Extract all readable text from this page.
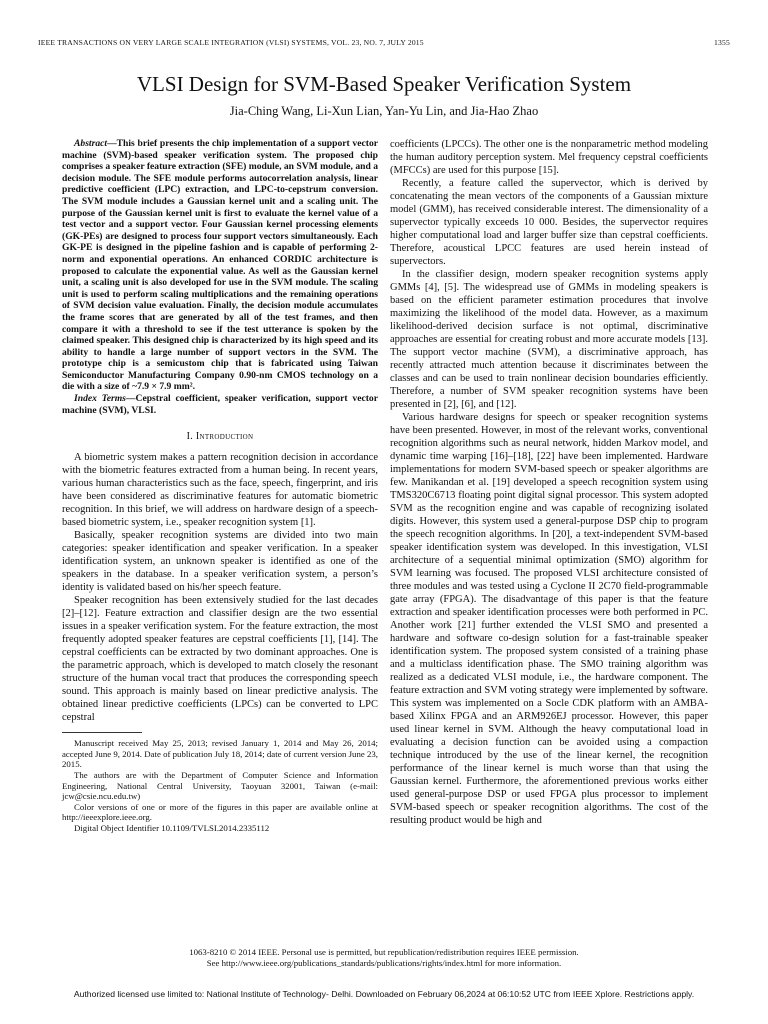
IEEE TRANSACTIONS ON VERY LARGE SCALE INTEGRATION (VLSI) SYSTEMS, VOL. 23, NO. 7, JULY 2015	1355
VLSI Design for SVM-Based Speaker Verification System
Jia-Ching Wang, Li-Xun Lian, Yan-Yu Lin, and Jia-Hao Zhao

Abstract—This brief presents the chip implementation of a support vector machine (SVM)-based speaker verification system. The proposed chip comprises a speaker feature extraction (SFE) module, an SVM module, and a decision module. The SFE module performs autocorrelation analysis, linear predictive coefficient (LPC) extraction, and LPC-to-cepstrum conversion. The SVM module includes a Gaussian kernel unit and a scaling unit. The purpose of the Gaussian kernel unit is first to evaluate the kernel value of a test vector and a support vector. Four Gaussian kernel processing elements (GK-PEs) are designed to process four support vectors simultaneously. Each GK-PE is designed in the pipeline fashion and is capable of performing 2-norm and exponential operations. An enhanced CORDIC architecture is proposed to calculate the exponential value. As well as the Gaussian kernel unit, a scaling unit is also developed for use in the SVM module. The scaling unit is used to perform scaling multiplications and the remaining operations of SVM decision value evaluation. Finally, the decision module accumulates the frame scores that are generated by all of the test frames, and then compare it with a threshold to see if the test utterance is spoken by the claimed speaker. This designed chip is characterized by its high speed and its ability to handle a large number of support vectors in the SVM. The prototype chip is a semicustom chip that is fabricated using Taiwan Semiconductor Manufacturing Company 0.90-nm CMOS technology on a die with a size of ~7.9 × 7.9 mm².

Index Terms—Cepstral coefficient, speaker verification, support vector machine (SVM), VLSI.

I. Introduction

A biometric system makes a pattern recognition decision in accordance with the biometric features extracted from a human being. In recent years, various human characteristics such as the face, speech, fingerprint, and iris have been considered as discriminative features for automatic biometric recognition. In this brief, we will address on hardware design of a speech-based biometric system, i.e., speaker recognition system [1].

Basically, speaker recognition systems are divided into two main categories: speaker identification and speaker verification. In a speaker identification system, an unknown speaker is identified as one of the speakers in the database. In a speaker verification system, a person’s identity is validated based on his/her speech feature.

Speaker recognition has been extensively studied for the last decades [2]–[12]. Feature extraction and classifier design are the two essential issues in a speaker verification system. For the feature extraction, the most frequently adopted speaker features are cepstral coefficients [1], [14]. The cepstral coefficients can be extracted by two dominant approaches. One is the parametric approach, which is developed to match closely the resonant structure of the human vocal tract that produces the corresponding speech sound. This approach is mainly based on linear predictive analysis. The obtained linear predictive coefficients (LPCs) can be converted to LPC cepstral

Manuscript received May 25, 2013; revised January 1, 2014 and May 26, 2014; accepted June 9, 2014. Date of publication July 18, 2014; date of current version June 23, 2015.

The authors are with the Department of Computer Science and Information Engineering, National Central University, Taoyuan 32001, Taiwan (e-mail: jcw@csie.ncu.edu.tw)

Color versions of one or more of the figures in this paper are available online at http://ieeexplore.ieee.org.

Digital Object Identifier 10.1109/TVLSI.2014.2335112

coefficients (LPCCs). The other one is the nonparametric method modeling the human auditory perception system. Mel frequency cepstral coefficients (MFCCs) are used for this purpose [15].

Recently, a feature called the supervector, which is derived by concatenating the mean vectors of the components of a Gaussian mixture model (GMM), has received considerable interest. The dimensionality of a supervector typically exceeds 10 000. Besides, the supervector requires higher computational load and larger buffer size than cepstral coefficients. Therefore, acoustical LPCC features are used herein instead of supervectors.

In the classifier design, modern speaker recognition systems apply GMMs [4], [5]. The widespread use of GMMs in modeling speakers is based on the efficient parameter estimation procedures that involve maximizing the likelihood of the model data. However, as a maximum likelihood-derived decision surface is not optimal, discriminative approaches are essential for creating robust and more accurate models [13]. The support vector machine (SVM), a discriminative approach, has recently attracted much attention because it discriminates between the classes and can be used to train nonlinear decision boundaries efficiently. Therefore, a number of SVM speaker recognition systems have been presented in [2], [6], and [12].

Various hardware designs for speech or speaker recognition systems have been presented. However, in most of the relevant works, conventional recognition algorithms such as neural network, hidden Markov model, and dynamic time warping [16]–[18], [22] have been implemented. Hardware implementations for modern SVM-based speech or speaker algorithms are few. Manikandan et al. [19] developed a speech recognition system using TMS320C6713 floating point digital signal processor. This system adopted SVM as the recognition engine and was capable of recognizing isolated digits. However, this system used a general-purpose DSP chip to program the speech recognition algorithms. In [20], a text-independent SVM-based speaker identification system was developed. In this investigation, VLSI architecture of a sequential minimal optimization (SMO) algorithm for SVM learning was focused. The proposed VLSI architecture consisted of three modules and was tested using a Cyclone II 2C70 field-programmable gate array (FPGA). The disadvantage of this paper is that the feature extraction and speaker identification processes were both performed in PC. Another work [21] further extended the VLSI SMO and presented a hardware and software co-design solution for a fast-trainable speaker identification system. The proposed system consisted of a training phase and a multiclass identification phase. The SMO training algorithm was realized as a dedicated VLSI module, i.e., the hardware component. The feature extraction and SVM voting strategy were implemented by software. This system was implemented on a Socle CDK platform with an AMBA-based Xilinx FPGA and an ARM926EJ processor. However, this paper used linear kernel in SVM. Although the heavy computational load in evaluating a decision function can be avoided using a compaction technique introduced by the use of the linear kernel, the recognition performance of the linear kernel is much worse than that using the Gaussian kernel. Furthermore, the aforementioned previous works either used general-purpose DSP or used FPGA plus processor to implement SVM-based speech or speaker recognition algorithms. The cost of the resulting product would be high and

1063-8210 © 2014 IEEE. Personal use is permitted, but republication/redistribution requires IEEE permission.
See http://www.ieee.org/publications_standards/publications/rights/index.html for more information.
Authorized licensed use limited to: National Institute of Technology- Delhi. Downloaded on February 06,2024 at 06:10:52 UTC from IEEE Xplore. Restrictions apply.
